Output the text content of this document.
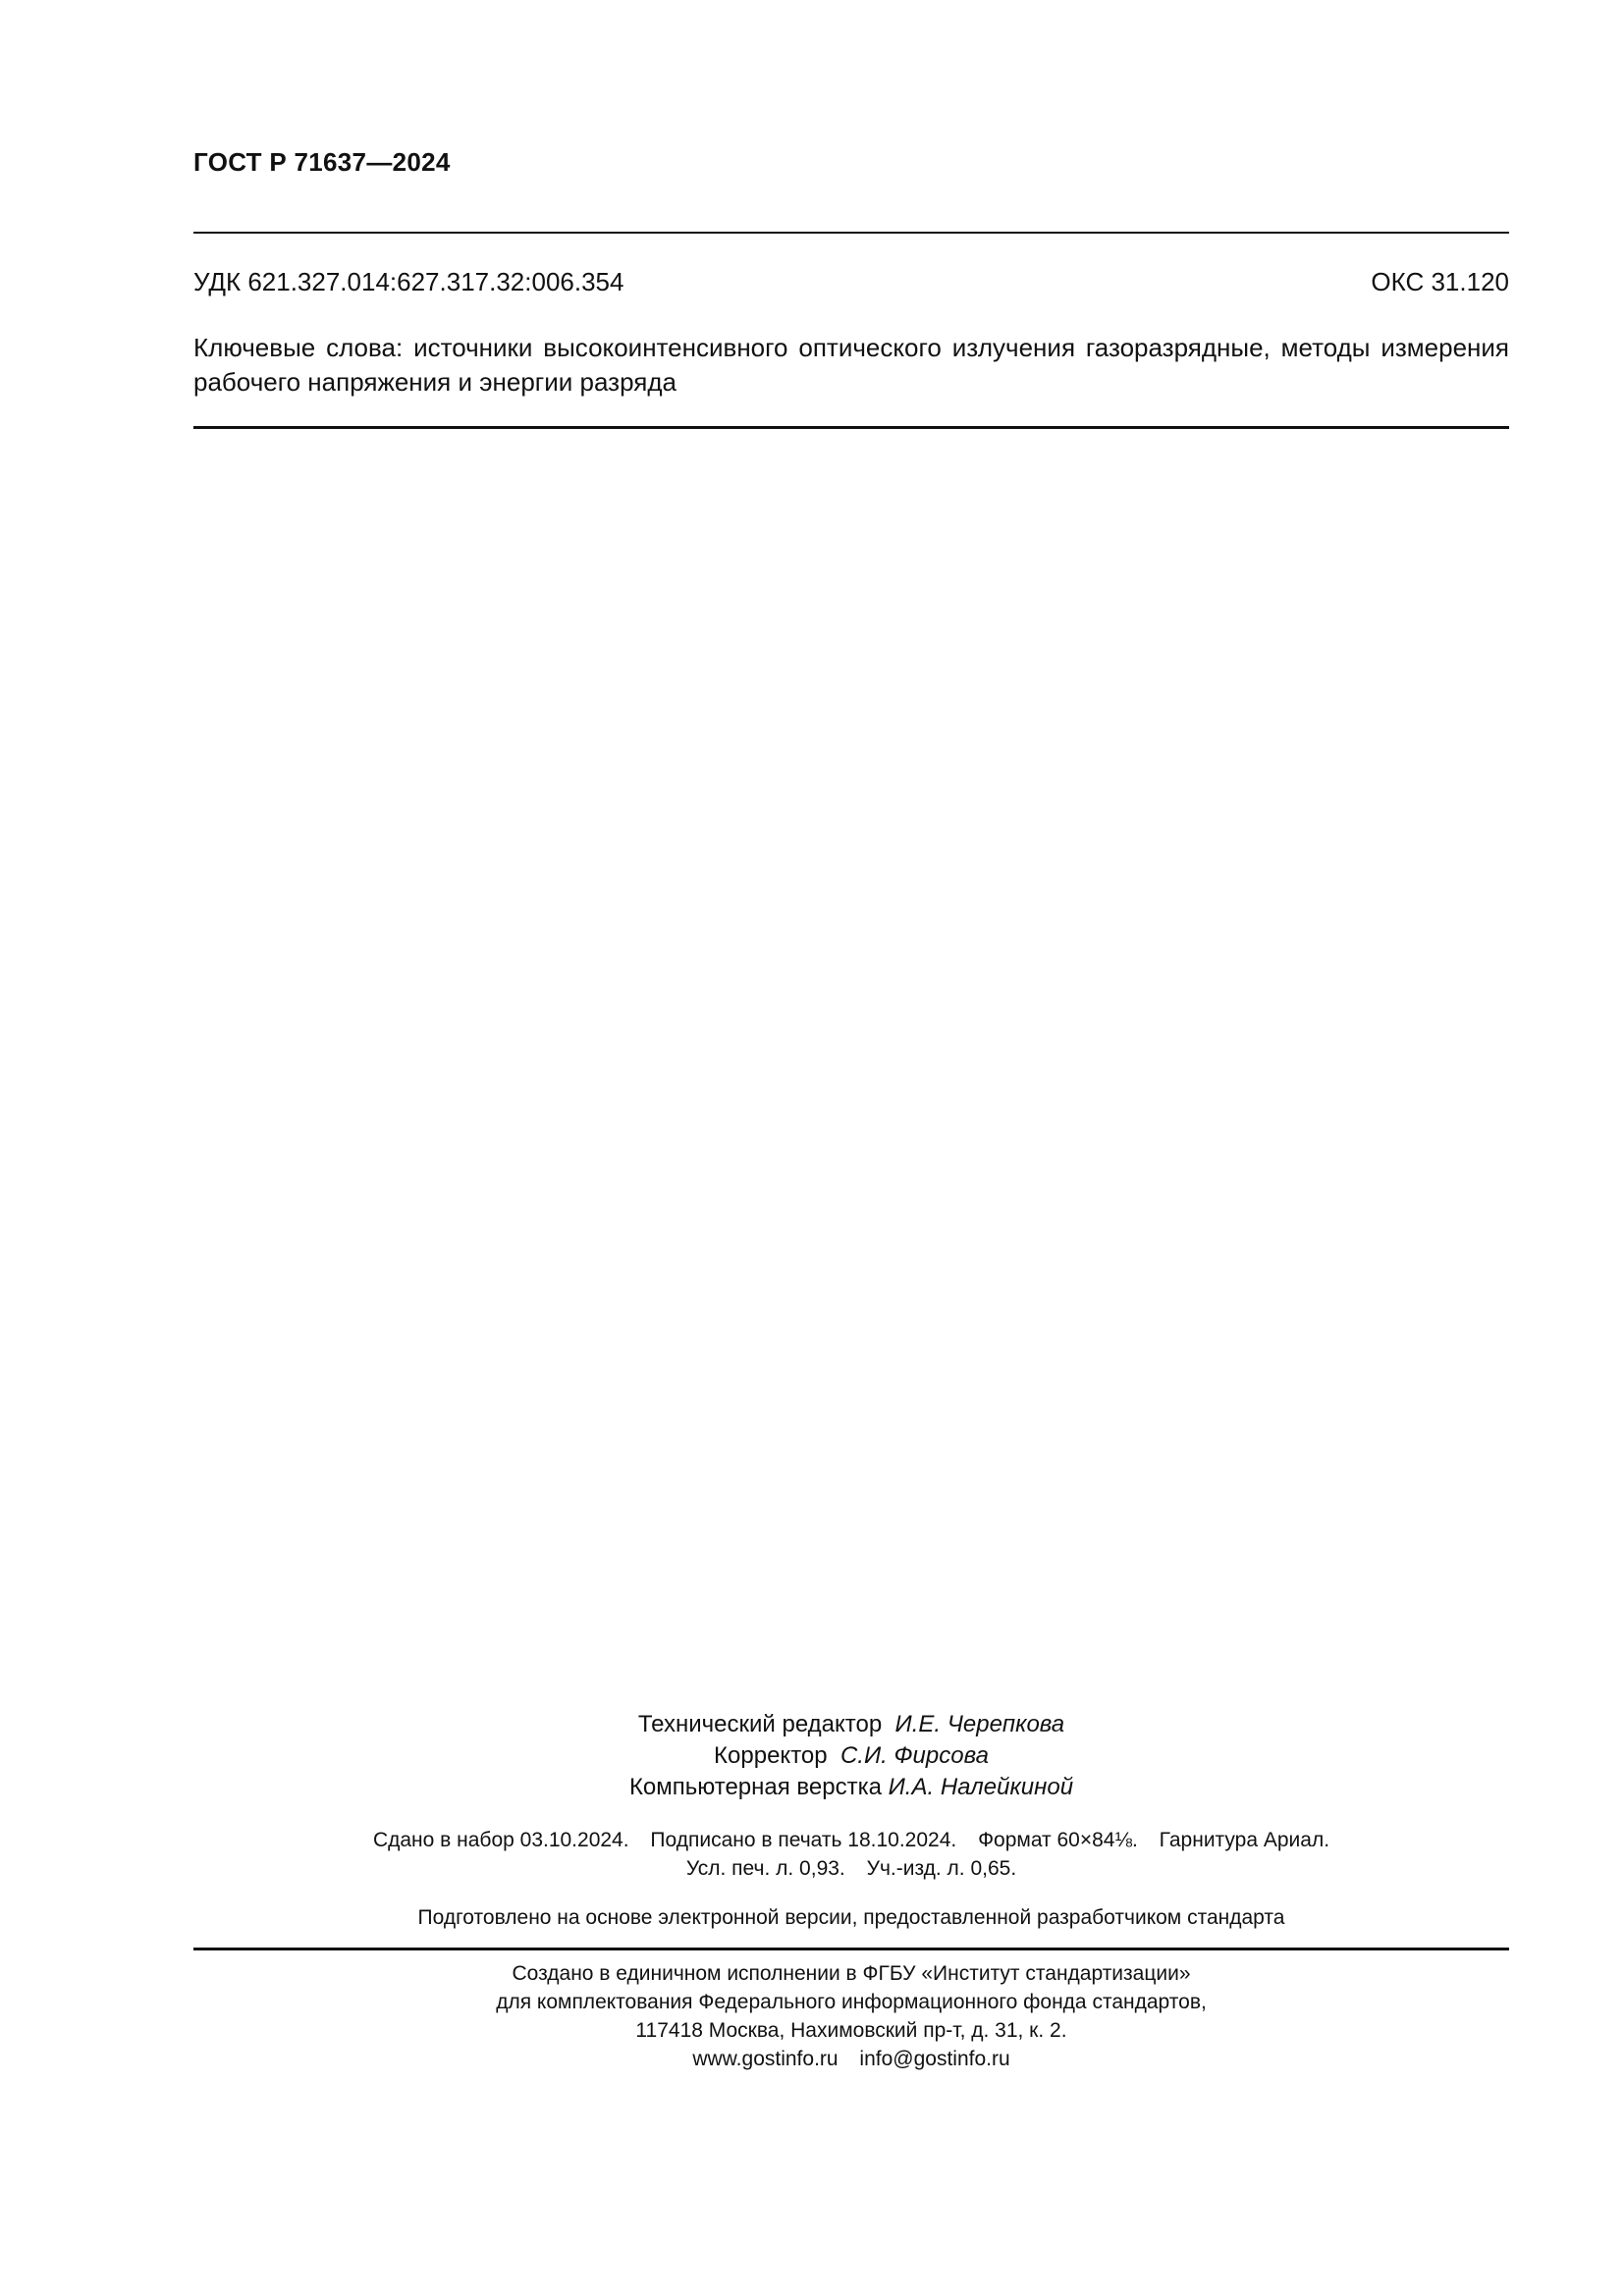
ГОСТ Р 71637—2024
УДК 621.327.014:627.317.32:006.354	ОКС 31.120
Ключевые слова: источники высокоинтенсивного оптического излучения газоразрядные, методы измерения рабочего напряжения и энергии разряда
Технический редактор И.Е. Черепкова
Корректор С.И. Фирсова
Компьютерная верстка И.А. Налейкиной
Сдано в набор 03.10.2024. Подписано в печать 18.10.2024. Формат 60×84⅛. Гарнитура Ариал.
Усл. печ. л. 0,93. Уч.-изд. л. 0,65.
Подготовлено на основе электронной версии, предоставленной разработчиком стандарта
Создано в единичном исполнении в ФГБУ «Институт стандартизации»
для комплектования Федерального информационного фонда стандартов,
117418 Москва, Нахимовский пр-т, д. 31, к. 2.
www.gostinfo.ru info@gostinfo.ru
